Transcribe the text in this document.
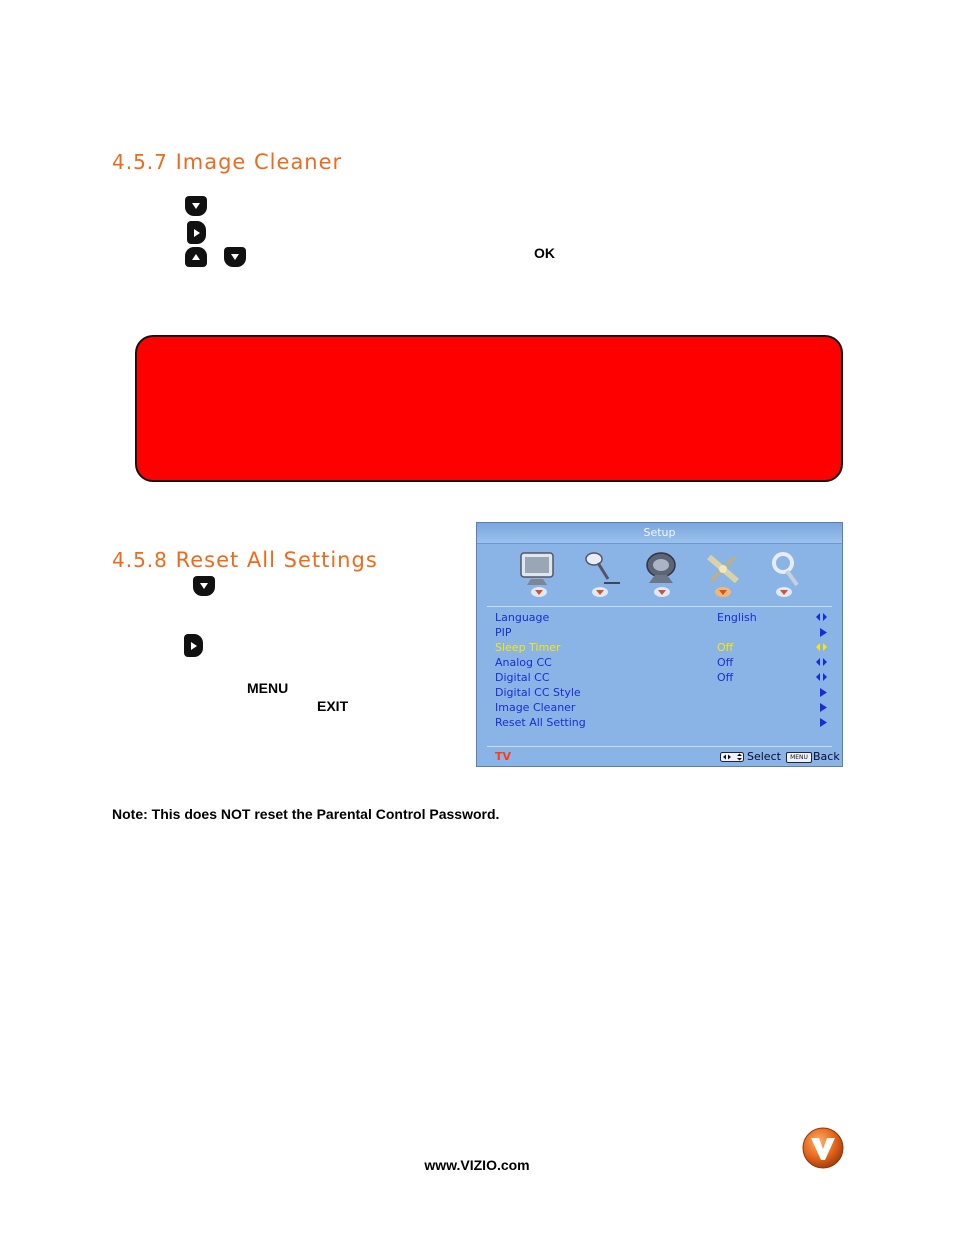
4.5.7 Image Cleaner
OK
4.5.8 Reset All Settings
MENU
EXIT
Setup
Language	English
PIP
Sleep Timer	Off
Analog CC	Off
Digital CC	Off
Digital CC Style
Image Cleaner
Reset All Setting
TV	Select	MENU Back
Note: This does NOT reset the Parental Control Password.
www.VIZIO.com
